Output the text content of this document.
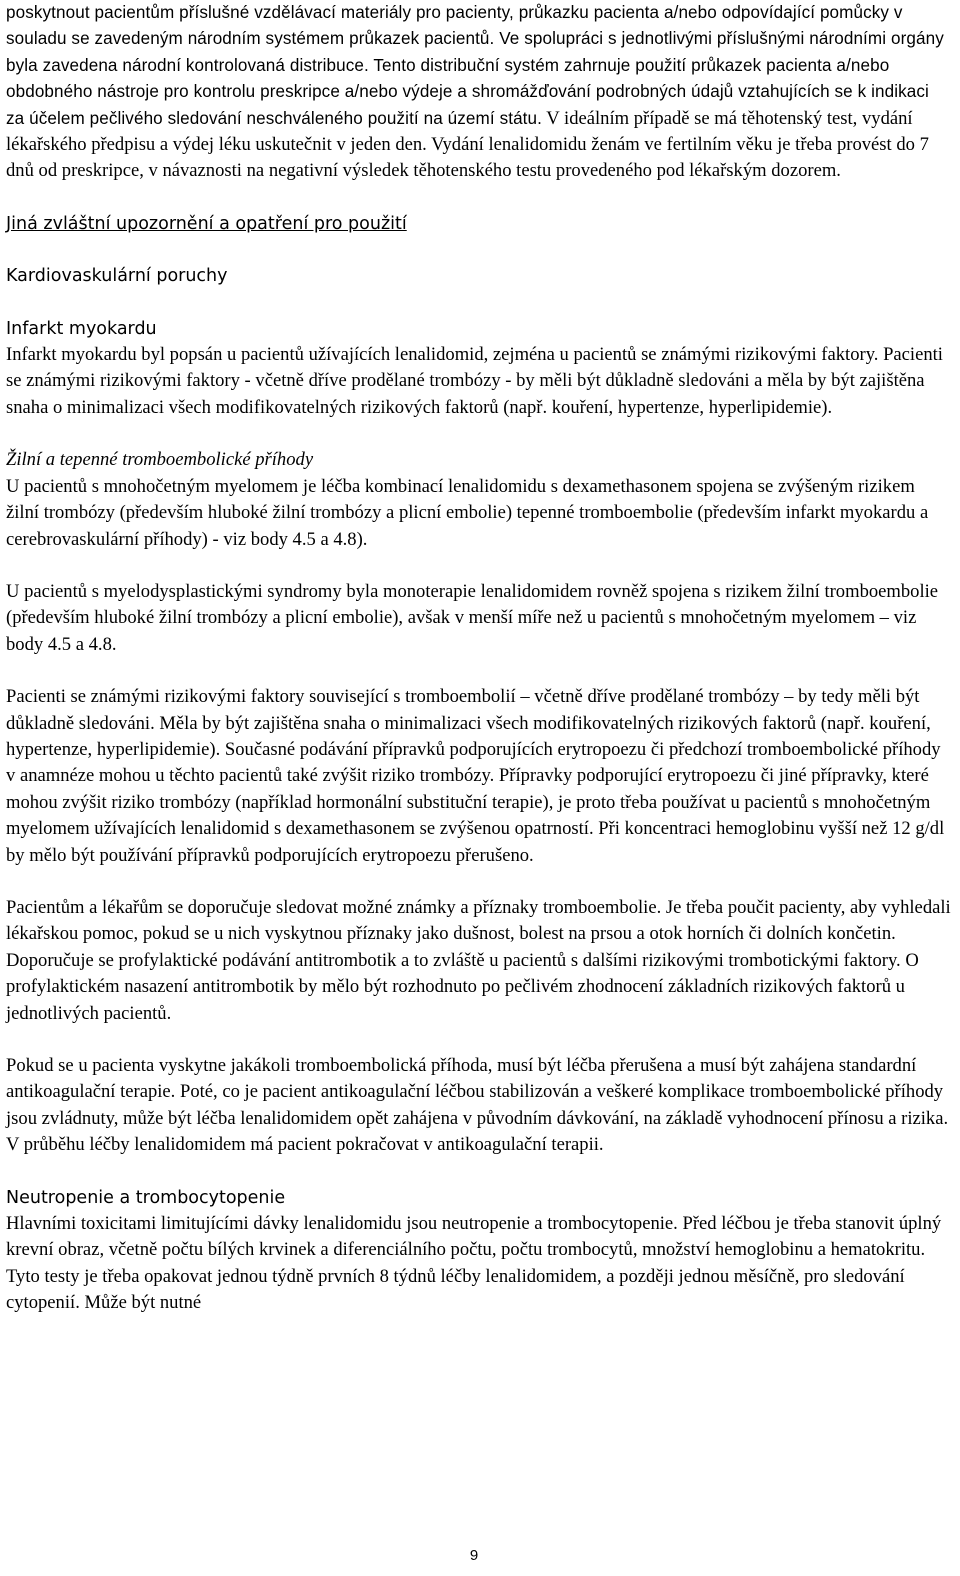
poskytnout pacientům příslušné vzdělávací materiály pro pacienty, průkazku pacienta a/nebo odpovídající pomůcky v souladu se zavedeným národním systémem průkazek pacientů. Ve spolupráci s jednotlivými příslušnými národními orgány byla zavedena národní kontrolovaná distribuce. Tento distribuční systém zahrnuje použití průkazek pacienta a/nebo obdobného nástroje pro kontrolu preskripce a/nebo výdeje a shromážďování podrobných údajů vztahujících se k indikaci za účelem pečlivého sledování neschváleného použití na území státu. V ideálním případě se má těhotenský test, vydání lékařského předpisu a výdej léku uskutečnit v jeden den. Vydání lenalidomidu ženám ve fertilním věku je třeba provést do 7 dnů od preskripce, v návaznosti na negativní výsledek těhotenského testu provedeného pod lékařským dozorem.

Jiná zvláštní upozornění a opatření pro použití

Kardiovaskulární poruchy

Infarkt myokardu

Infarkt myokardu byl popsán u pacientů užívajících lenalidomid, zejména u pacientů se známými rizikovými faktory. Pacienti se známými rizikovými faktory - včetně dříve prodělané trombózy - by měli být důkladně sledováni a měla by být zajištěna snaha o minimalizaci všech modifikovatelných rizikových faktorů (např. kouření, hypertenze, hyperlipidemie).

Žilní a tepenné tromboembolické příhody

U pacientů s mnohočetným myelomem je léčba kombinací lenalidomidu s dexamethasonem spojena se zvýšeným rizikem žilní trombózy (především hluboké žilní trombózy a plicní embolie) tepenné tromboembolie (především infarkt myokardu a cerebrovaskulární příhody) - viz body 4.5 a 4.8).

U pacientů s myelodysplastickými syndromy byla monoterapie lenalidomidem rovněž spojena s rizikem žilní tromboembolie (především hluboké žilní trombózy a plicní embolie), avšak v menší míře než u pacientů s mnohočetným myelomem – viz body 4.5 a 4.8.

Pacienti se známými rizikovými faktory související s tromboembolií – včetně dříve prodělané trombózy – by tedy měli být důkladně sledováni. Měla by být zajištěna snaha o minimalizaci všech modifikovatelných rizikových faktorů (např. kouření, hypertenze, hyperlipidemie). Současné podávání přípravků podporujících erytropoezu či předchozí tromboembolické příhody v anamnéze mohou u těchto pacientů také zvýšit riziko trombózy. Přípravky podporující erytropoezu či jiné přípravky, které mohou zvýšit riziko trombózy (například hormonální substituční terapie), je proto třeba používat u pacientů s mnohočetným myelomem užívajících lenalidomid s dexamethasonem se zvýšenou opatrností. Při koncentraci hemoglobinu vyšší než 12 g/dl by mělo být používání přípravků podporujících erytropoezu přerušeno.

Pacientům a lékařům se doporučuje sledovat možné známky a příznaky tromboembolie. Je třeba poučit pacienty, aby vyhledali lékařskou pomoc, pokud se u nich vyskytnou příznaky jako dušnost, bolest na prsou a otok horních či dolních končetin. Doporučuje se profylaktické podávání antitrombotik a to zvláště u pacientů s dalšími rizikovými trombotickými faktory. O profylaktickém nasazení antitrombotik by mělo být rozhodnuto po pečlivém zhodnocení základních rizikových faktorů u jednotlivých pacientů.

Pokud se u pacienta vyskytne jakákoli tromboembolická příhoda, musí být léčba přerušena a musí být zahájena standardní antikoagulační terapie. Poté, co je pacient antikoagulační léčbou stabilizován a veškeré komplikace tromboembolické příhody jsou zvládnuty, může být léčba lenalidomidem opět zahájena v původním dávkování, na základě vyhodnocení přínosu a rizika. V průběhu léčby lenalidomidem má pacient pokračovat v antikoagulační terapii.

Neutropenie a trombocytopenie

Hlavními toxicitami limitujícími dávky lenalidomidu jsou neutropenie a trombocytopenie. Před léčbou je třeba stanovit úplný krevní obraz, včetně počtu bílých krvinek a diferenciálního počtu, počtu trombocytů, množství hemoglobinu a hematokritu. Tyto testy je třeba opakovat jednou týdně prvních 8 týdnů léčby lenalidomidem, a později jednou měsíčně, pro sledování cytopenií. Může být nutné

9
